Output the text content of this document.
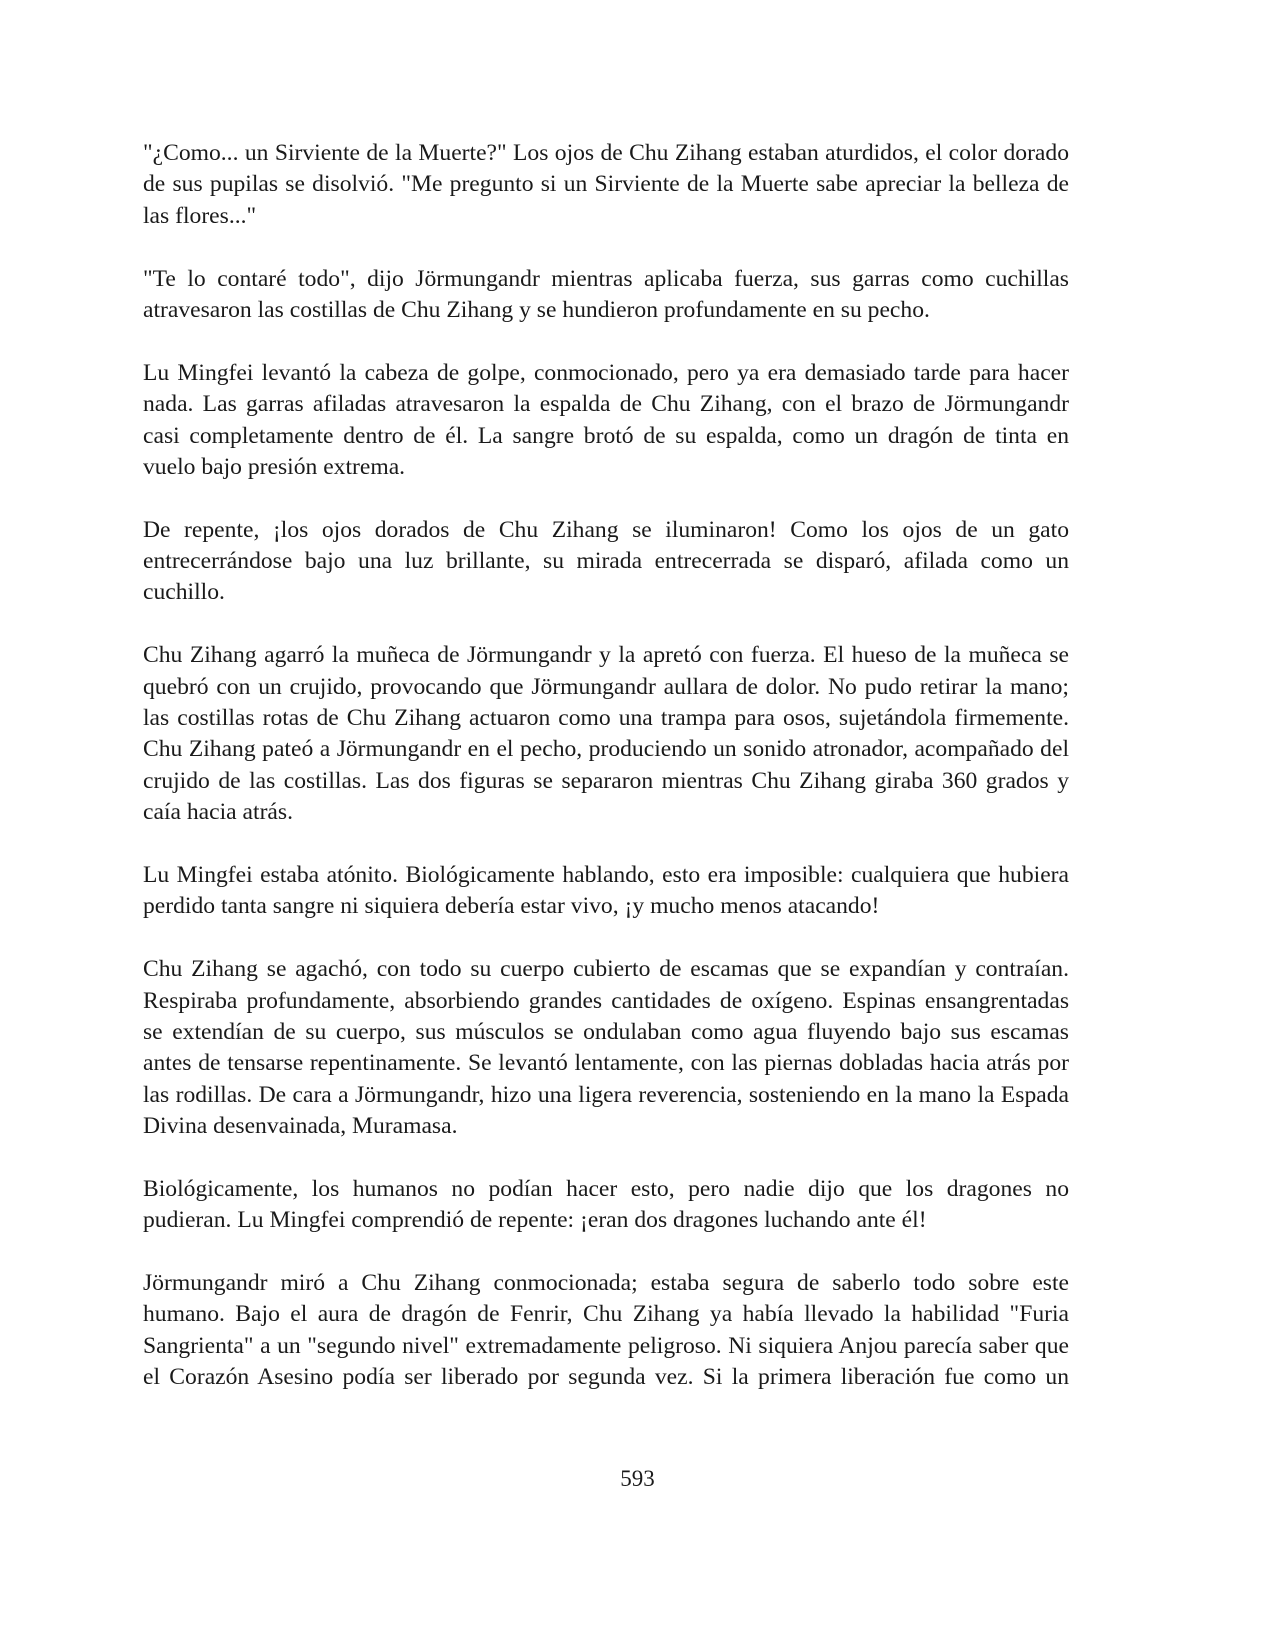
"¿Como... un Sirviente de la Muerte?" Los ojos de Chu Zihang estaban aturdidos, el color dorado
de sus pupilas se disolvió. "Me pregunto si un Sirviente de la Muerte sabe apreciar la belleza de
las flores..."
"Te lo contaré todo", dijo Jörmungandr mientras aplicaba fuerza, sus garras como cuchillas
atravesaron las costillas de Chu Zihang y se hundieron profundamente en su pecho.
Lu Mingfei levantó la cabeza de golpe, conmocionado, pero ya era demasiado tarde para hacer
nada. Las garras afiladas atravesaron la espalda de Chu Zihang, con el brazo de Jörmungandr
casi completamente dentro de él. La sangre brotó de su espalda, como un dragón de tinta en
vuelo bajo presión extrema.
De repente, ¡los ojos dorados de Chu Zihang se iluminaron! Como los ojos de un gato
entrecerrándose bajo una luz brillante, su mirada entrecerrada se disparó, afilada como un
cuchillo.
Chu Zihang agarró la muñeca de Jörmungandr y la apretó con fuerza. El hueso de la muñeca se
quebró con un crujido, provocando que Jörmungandr aullara de dolor. No pudo retirar la mano;
las costillas rotas de Chu Zihang actuaron como una trampa para osos, sujetándola firmemente.
Chu Zihang pateó a Jörmungandr en el pecho, produciendo un sonido atronador, acompañado del
crujido de las costillas. Las dos figuras se separaron mientras Chu Zihang giraba 360 grados y
caía hacia atrás.
Lu Mingfei estaba atónito. Biológicamente hablando, esto era imposible: cualquiera que hubiera
perdido tanta sangre ni siquiera debería estar vivo, ¡y mucho menos atacando!
Chu Zihang se agachó, con todo su cuerpo cubierto de escamas que se expandían y contraían.
Respiraba profundamente, absorbiendo grandes cantidades de oxígeno. Espinas ensangrentadas
se extendían de su cuerpo, sus músculos se ondulaban como agua fluyendo bajo sus escamas
antes de tensarse repentinamente. Se levantó lentamente, con las piernas dobladas hacia atrás por
las rodillas. De cara a Jörmungandr, hizo una ligera reverencia, sosteniendo en la mano la Espada
Divina desenvainada, Muramasa.
Biológicamente, los humanos no podían hacer esto, pero nadie dijo que los dragones no
pudieran. Lu Mingfei comprendió de repente: ¡eran dos dragones luchando ante él!
Jörmungandr miró a Chu Zihang conmocionada; estaba segura de saberlo todo sobre este
humano. Bajo el aura de dragón de Fenrir, Chu Zihang ya había llevado la habilidad "Furia
Sangrienta" a un "segundo nivel" extremadamente peligroso. Ni siquiera Anjou parecía saber que
el Corazón Asesino podía ser liberado por segunda vez. Si la primera liberación fue como un
593
